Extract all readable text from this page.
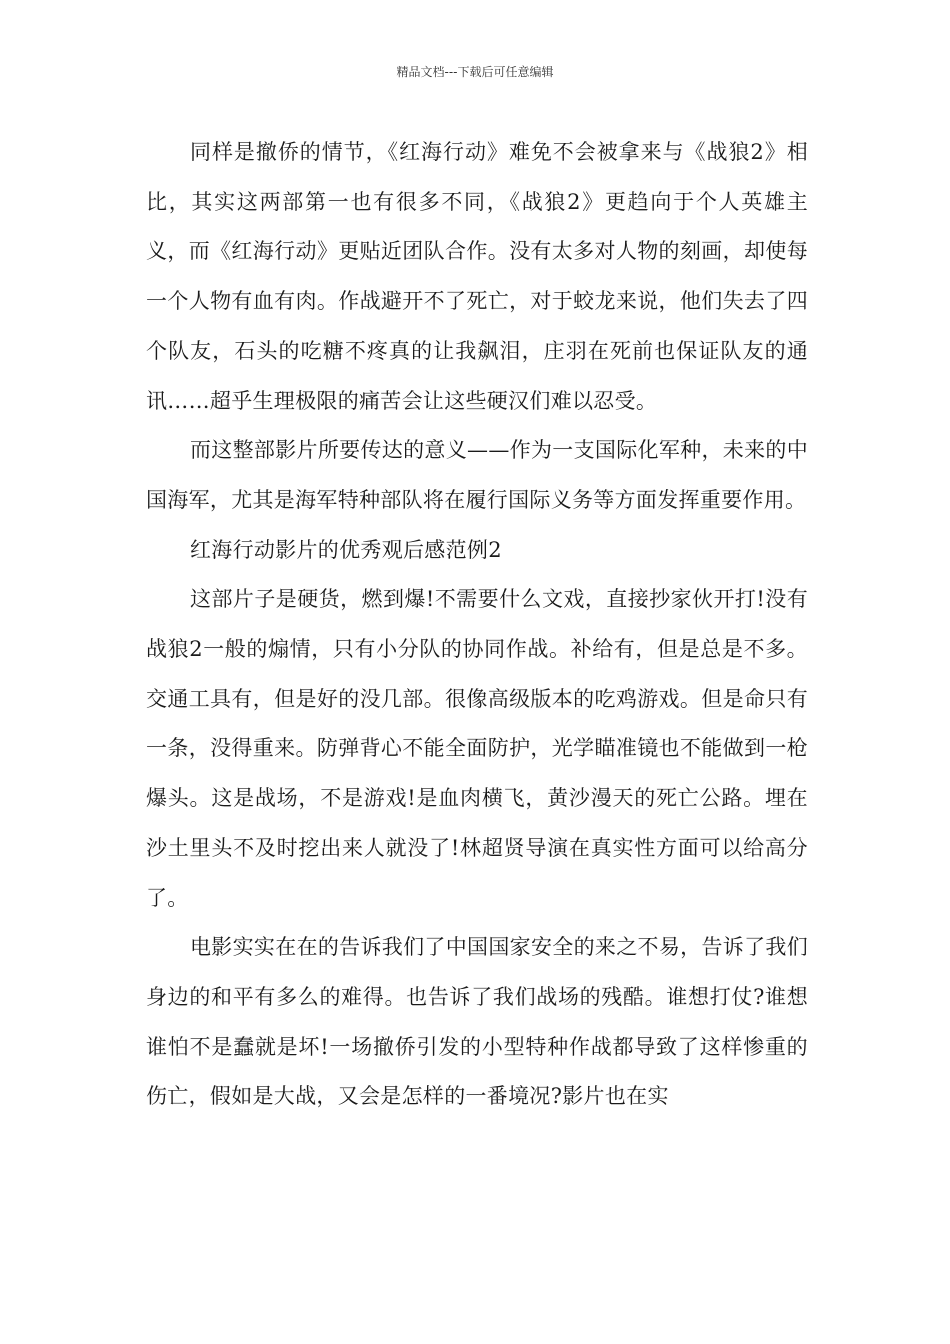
精品文档---下载后可任意编辑

同样是撤侨的情节，《红海行动》难免不会被拿来与《战狼2》相比，其实这两部第一也有很多不同，《战狼2》更趋向于个人英雄主义，而《红海行动》更贴近团队合作。没有太多对人物的刻画，却使每一个人物有血有肉。作战避开不了死亡，对于蛟龙来说，他们失去了四个队友，石头的吃糖不疼真的让我飙泪，庄羽在死前也保证队友的通讯……超乎生理极限的痛苦会让这些硬汉们难以忍受。

而这整部影片所要传达的意义——作为一支国际化军种，未来的中国海军，尤其是海军特种部队将在履行国际义务等方面发挥重要作用。

红海行动影片的优秀观后感范例2

这部片子是硬货，燃到爆!不需要什么文戏，直接抄家伙开打!没有战狼2一般的煽情，只有小分队的协同作战。补给有，但是总是不多。交通工具有，但是好的没几部。很像高级版本的吃鸡游戏。但是命只有一条，没得重来。防弹背心不能全面防护，光学瞄准镜也不能做到一枪爆头。这是战场，不是游戏!是血肉横飞，黄沙漫天的死亡公路。埋在沙土里头不及时挖出来人就没了!林超贤导演在真实性方面可以给高分了。

电影实实在在的告诉我们了中国国家安全的来之不易，告诉了我们身边的和平有多么的难得。也告诉了我们战场的残酷。谁想打仗?谁想谁怕不是蠢就是坏!一场撤侨引发的小型特种作战都导致了这样惨重的伤亡，假如是大战，又会是怎样的一番境况?影片也在实
